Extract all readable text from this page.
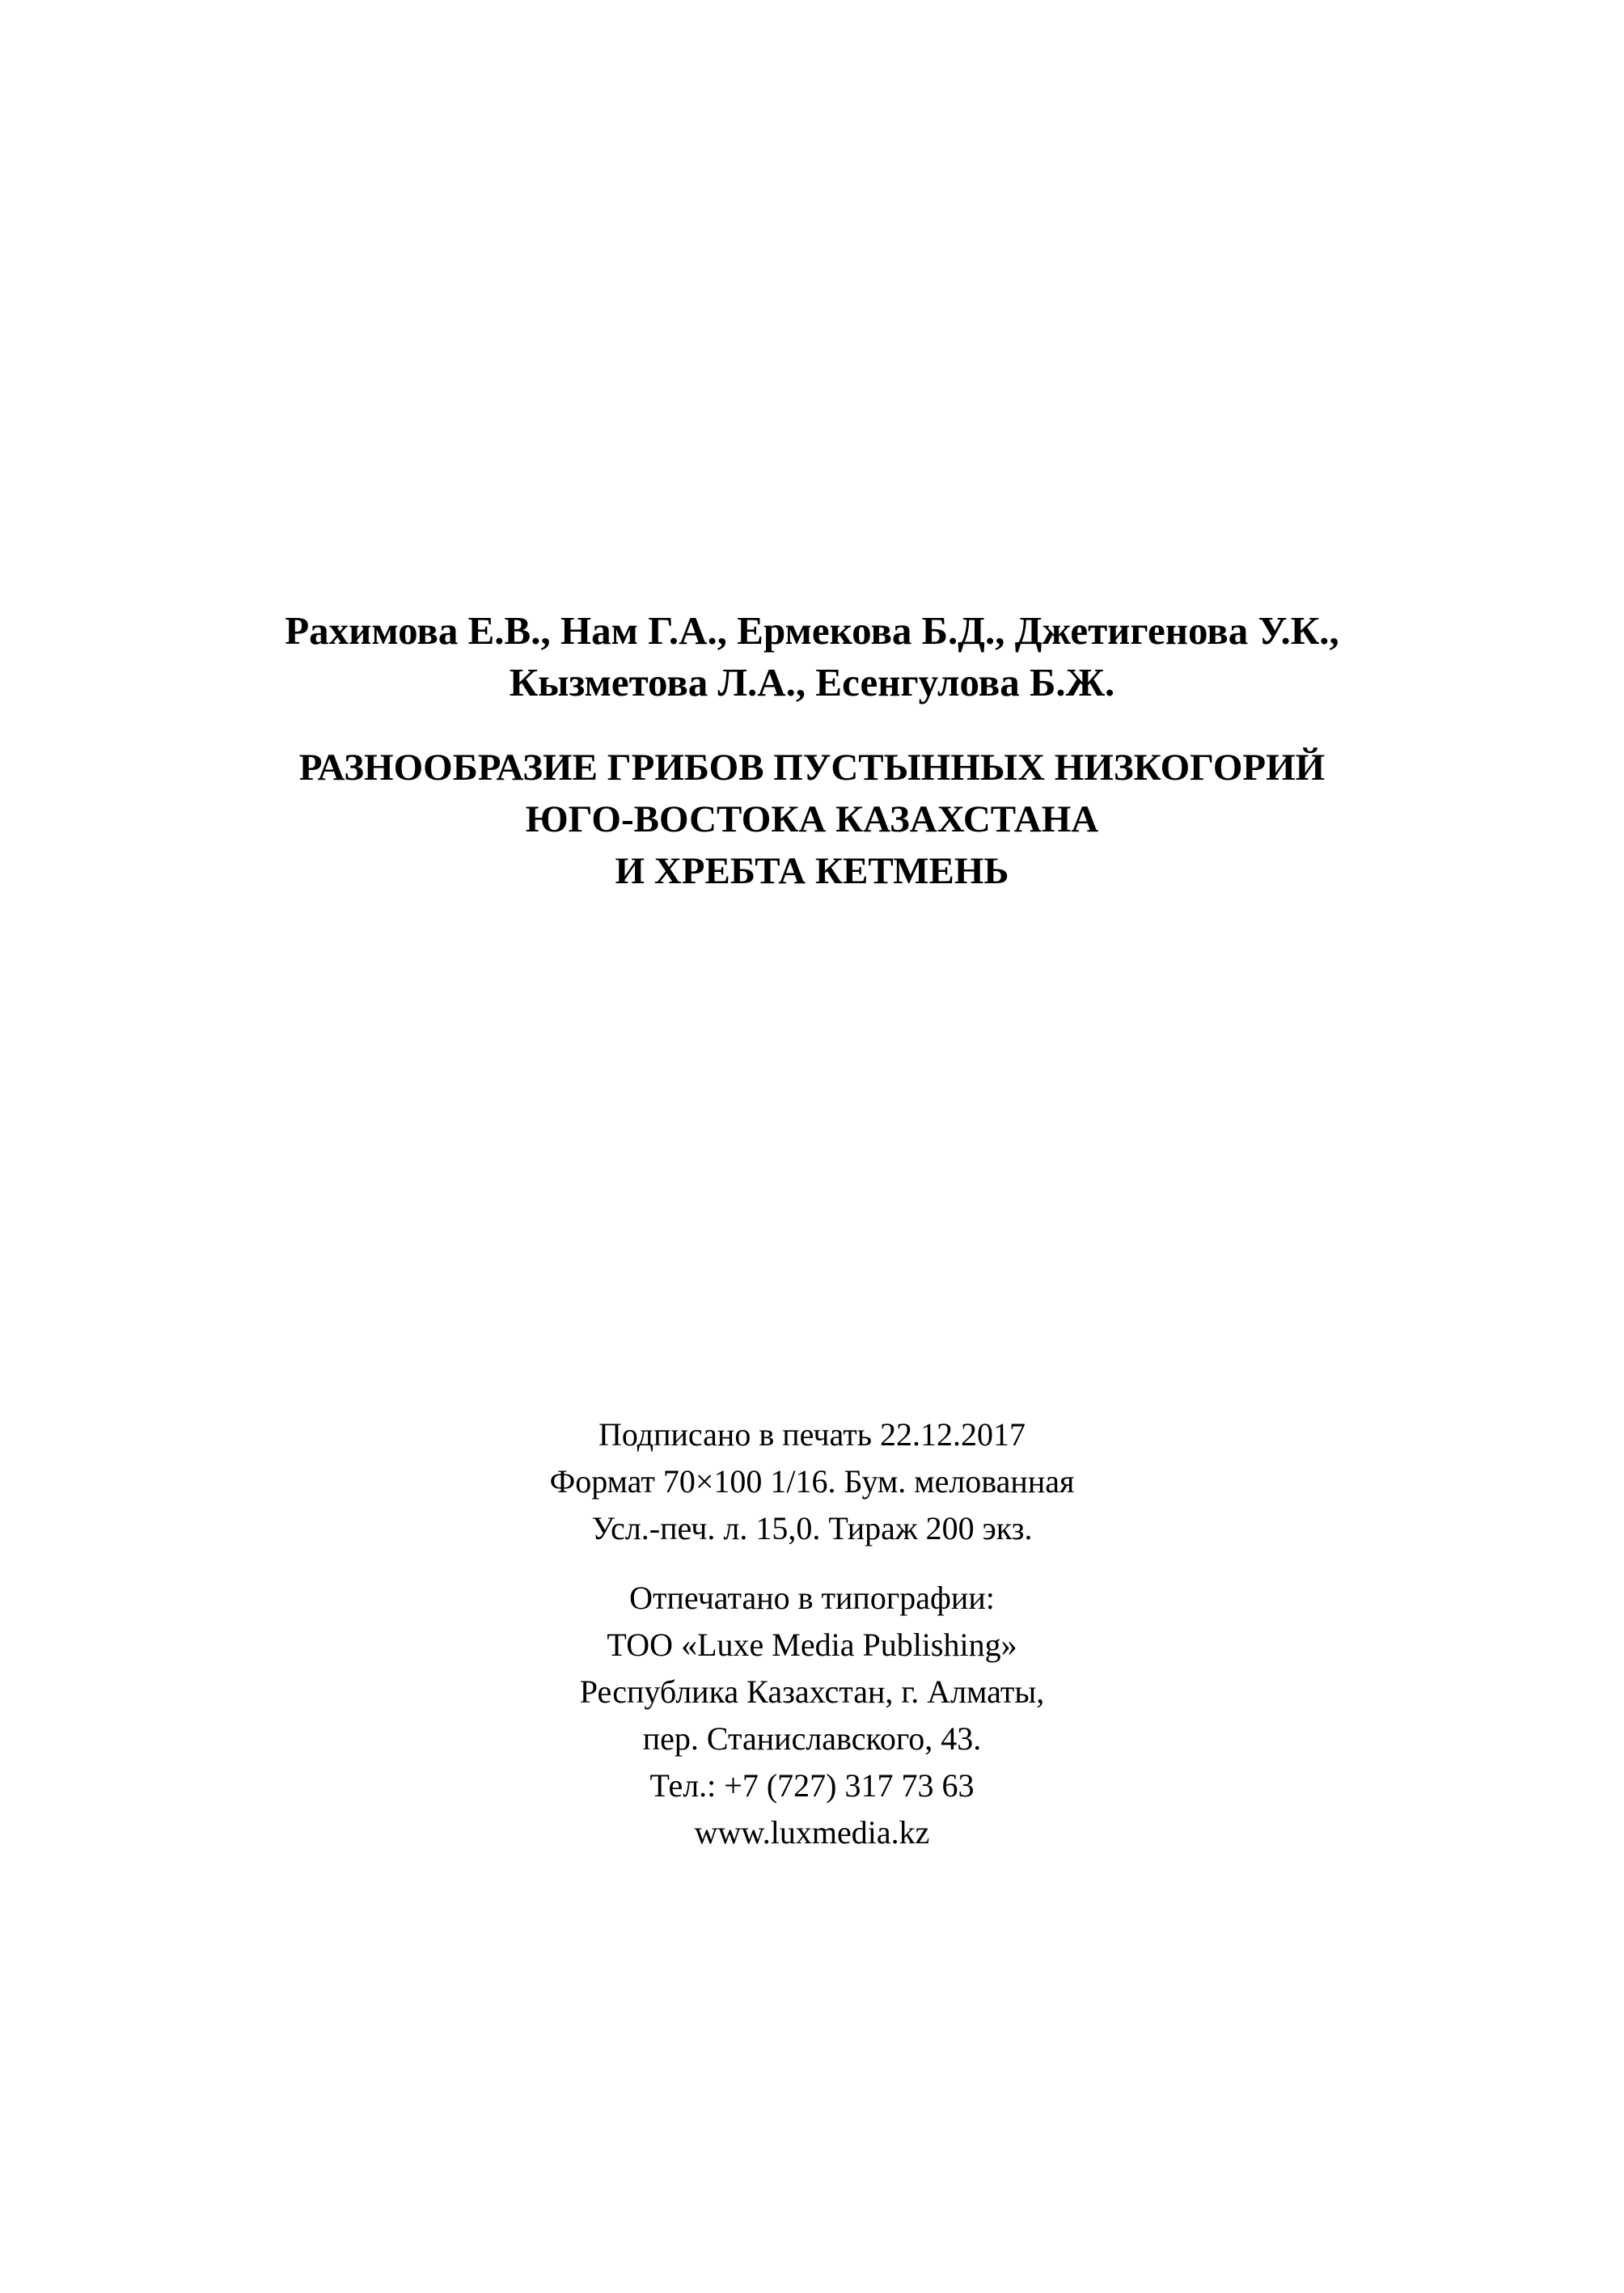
Рахимова Е.В., Нам Г.А., Ермекова Б.Д., Джетигенова У.К.,
Кызметова Л.А., Есенгулова Б.Ж.
РАЗНООБРАЗИЕ ГРИБОВ ПУСТЫННЫХ НИЗКОГОРИЙ
ЮГО-ВОСТОКА КАЗАХСТАНА
И ХРЕБТА КЕТМЕНЬ
Подписано в печать 22.12.2017
Формат 70×100 1/16. Бум. мелованная
Усл.-печ. л. 15,0. Тираж 200 экз.
Отпечатано в типографии:
ТОО «Luxe Media Publishing»
Республика Казахстан, г. Алматы,
пер. Станиславского, 43.
Тел.: +7 (727) 317 73 63
www.luxmedia.kz
